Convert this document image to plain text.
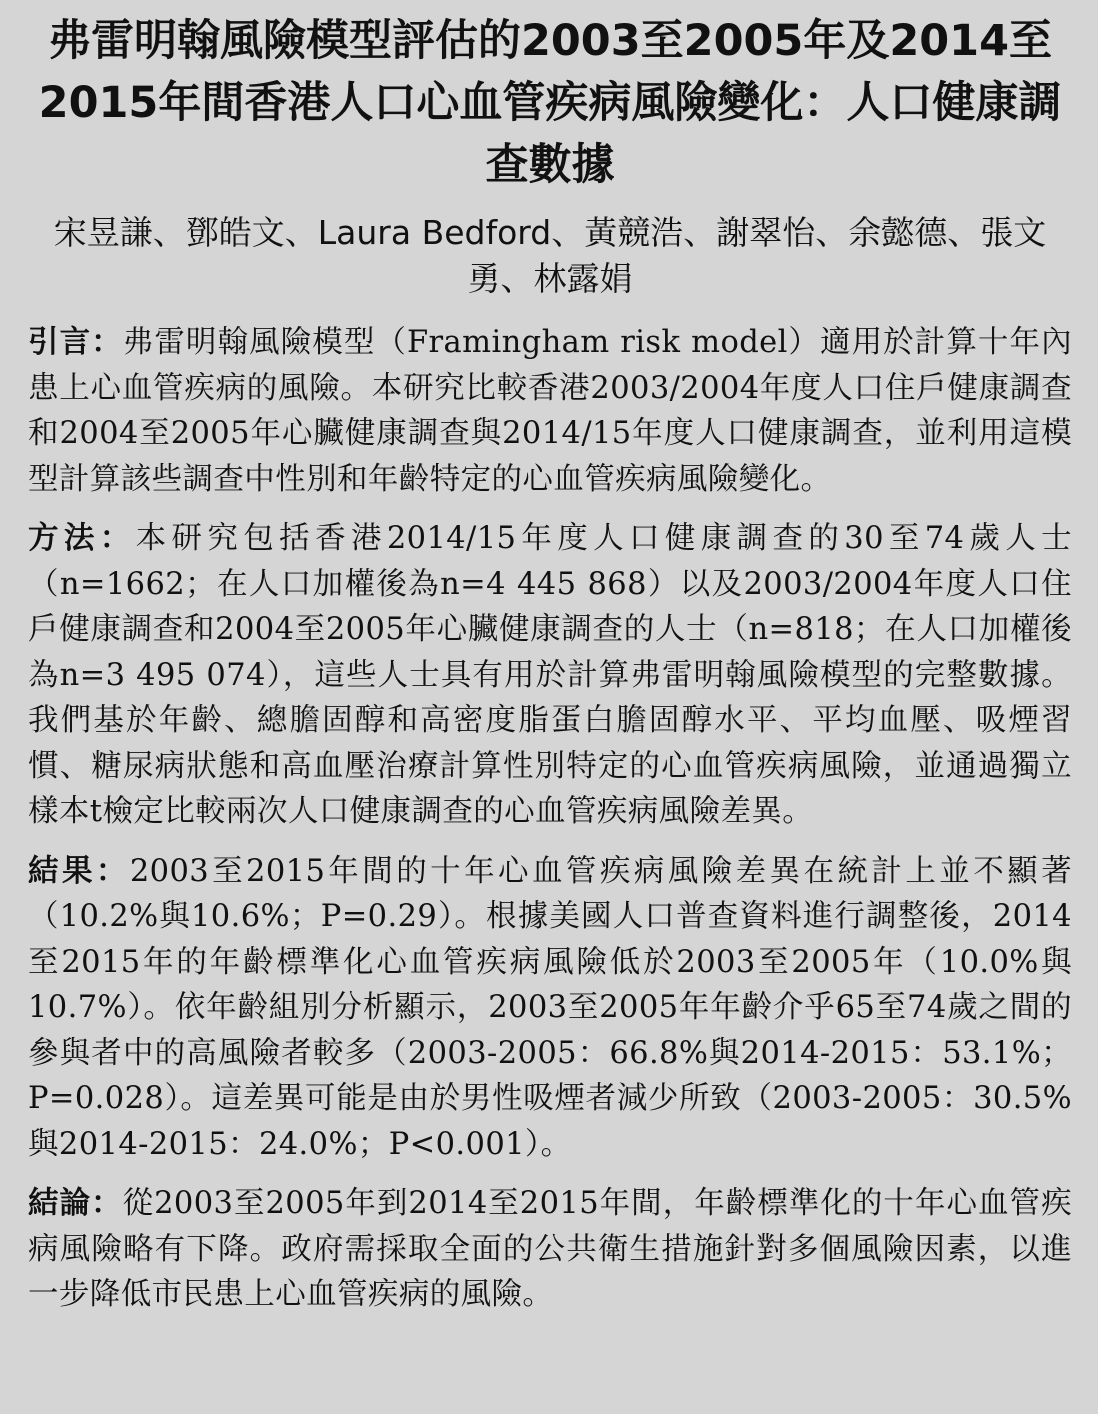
弗雷明翰風險模型評估的2003至2005年及2014至2015年間香港人口心血管疾病風險變化：人口健康調查數據

宋昱謙、鄧皓文、Laura Bedford、黃競浩、謝翠怡、余懿德、張文勇、林露娟

引言：弗雷明翰風險模型（Framingham risk model）適用於計算十年內患上心血管疾病的風險。本研究比較香港2003/2004年度人口住戶健康調查和2004至2005年心臟健康調查與2014/15年度人口健康調查，並利用這模型計算該些調查中性別和年齡特定的心血管疾病風險變化。

方法：本研究包括香港2014/15年度人口健康調查的30至74歲人士（n=1662；在人口加權後為n=4 445 868）以及2003/2004年度人口住戶健康調查和2004至2005年心臟健康調查的人士（n=818；在人口加權後為n=3 495 074），這些人士具有用於計算弗雷明翰風險模型的完整數據。我們基於年齡、總膽固醇和高密度脂蛋白膽固醇水平、平均血壓、吸煙習慣、糖尿病狀態和高血壓治療計算性別特定的心血管疾病風險，並通過獨立樣本t檢定比較兩次人口健康調查的心血管疾病風險差異。

結果：2003至2015年間的十年心血管疾病風險差異在統計上並不顯著（10.2%與10.6%；P=0.29）。根據美國人口普查資料進行調整後，2014至2015年的年齡標準化心血管疾病風險低於2003至2005年（10.0%與10.7%）。依年齡組別分析顯示，2003至2005年年齡介乎65至74歲之間的參與者中的高風險者較多（2003-2005：66.8%與2014-2015：53.1%；P=0.028）。這差異可能是由於男性吸煙者減少所致（2003-2005：30.5%與2014-2015：24.0%；P<0.001）。

結論：從2003至2005年到2014至2015年間，年齡標準化的十年心血管疾病風險略有下降。政府需採取全面的公共衛生措施針對多個風險因素，以進一步降低市民患上心血管疾病的風險。
